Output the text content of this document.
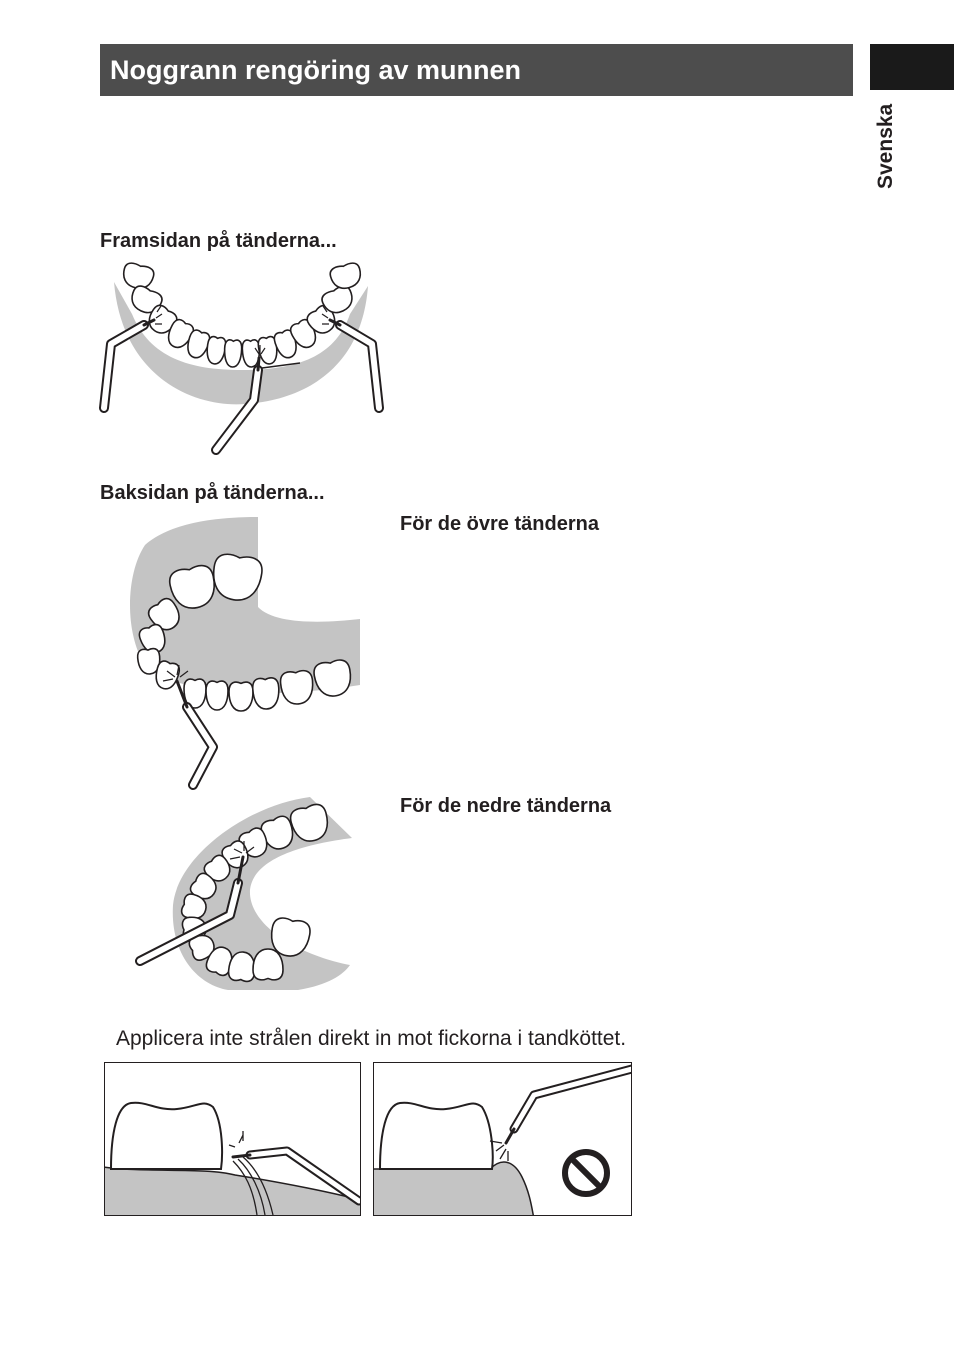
Noggrann rengöring av munnen
Svenska
Framsidan på tänderna...
Baksidan på tänderna...
För de övre tänderna
För de nedre tänderna
Applicera inte strålen direkt in mot fickorna i tandköttet.
